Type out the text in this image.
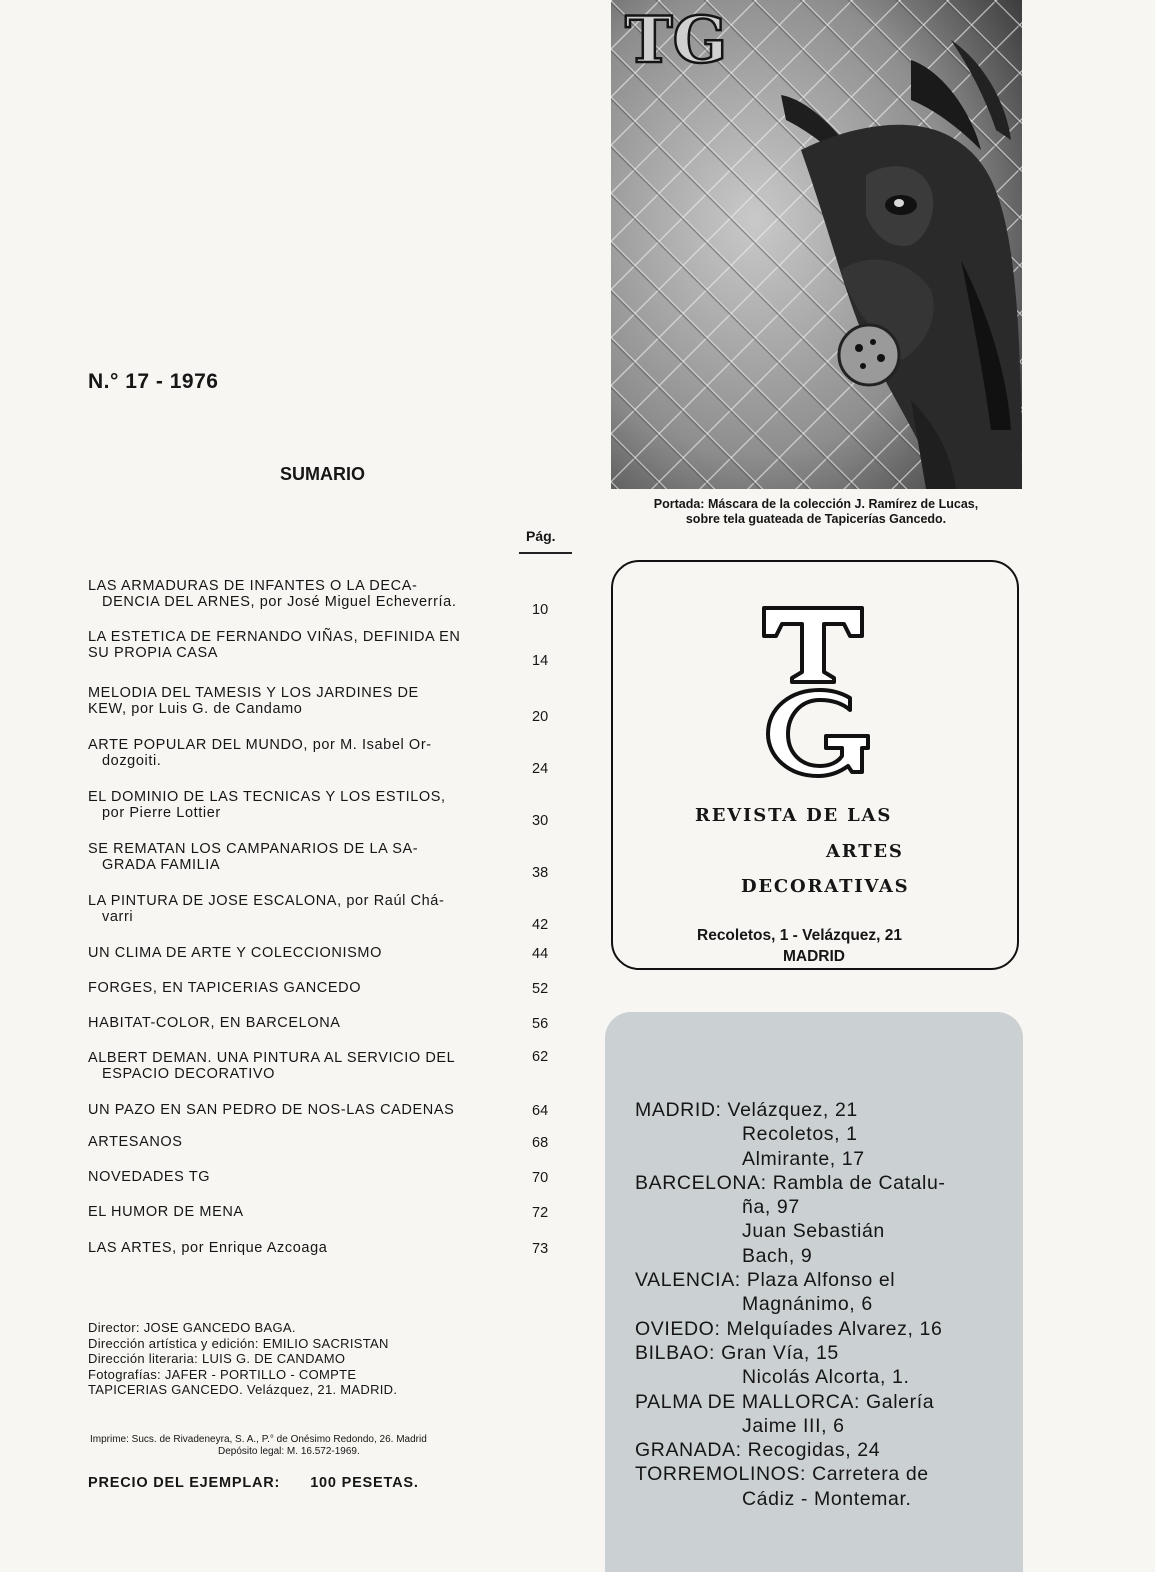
N.° 17 - 1976
SUMARIO
Pág.
LAS ARMADURAS DE INFANTES O LA DECA-
DENCIA DEL ARNES, por José Miguel Echeverría.	10
LA ESTETICA DE FERNANDO VIÑAS, DEFINIDA EN
SU PROPIA CASA	14
MELODIA DEL TAMESIS Y LOS JARDINES DE
KEW, por Luis G. de Candamo	20
ARTE POPULAR DEL MUNDO, por M. Isabel Or-
dozgoiti.	24
EL DOMINIO DE LAS TECNICAS Y LOS ESTILOS,
por Pierre Lottier	30
SE REMATAN LOS CAMPANARIOS DE LA SA-
GRADA FAMILIA	38
LA PINTURA DE JOSE ESCALONA, por Raúl Chá-
varri	42
UN CLIMA DE ARTE Y COLECCIONISMO	44
FORGES, EN TAPICERIAS GANCEDO	52
HABITAT-COLOR, EN BARCELONA	56
ALBERT DEMAN. UNA PINTURA AL SERVICIO DEL
ESPACIO DECORATIVO
62
UN PAZO EN SAN PEDRO DE NOS-LAS CADENAS	64
ARTESANOS	68
NOVEDADES TG	70
EL HUMOR DE MENA	72
LAS ARTES, por Enrique Azcoaga	73
Director: JOSE GANCEDO BAGA.
Dirección artística y edición: EMILIO SACRISTAN
Dirección literaria: LUIS G. DE CANDAMO
Fotografías: JAFER - PORTILLO - COMPTE
TAPICERIAS GANCEDO. Velázquez, 21. MADRID.
Imprime: Sucs. de Rivadeneyra, S. A., P.° de Onésimo Redondo, 26. Madrid
Depósito legal: M. 16.572-1969.
PRECIO DEL EJEMPLAR: 100 PESETAS.
TG
Portada: Máscara de la colección J. Ramírez de Lucas,
sobre tela guateada de Tapicerías Gancedo.
REVISTA DE LAS
ARTES
DECORATIVAS
Recoletos, 1 - Velázquez, 21
MADRID
MADRID: Velázquez, 21
Recoletos, 1
Almirante, 17
BARCELONA: Rambla de Catalu-
ña, 97
Juan Sebastián
Bach, 9
VALENCIA: Plaza Alfonso el
Magnánimo, 6
OVIEDO: Melquíades Alvarez, 16
BILBAO: Gran Vía, 15
Nicolás Alcorta, 1.
PALMA DE MALLORCA: Galería
Jaime III, 6
GRANADA: Recogidas, 24
TORREMOLINOS: Carretera de
Cádiz - Montemar.
